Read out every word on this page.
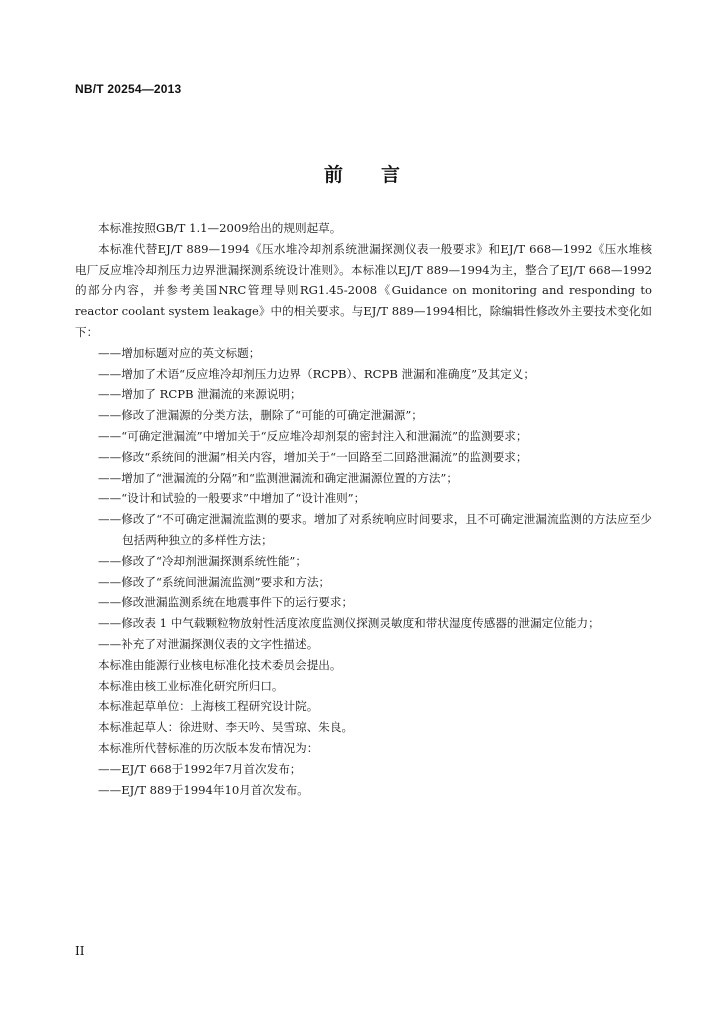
NB/T 20254—2013
前 言

本标准按照GB/T 1.1—2009给出的规则起草。

本标准代替EJ/T 889—1994《压水堆冷却剂系统泄漏探测仪表一般要求》和EJ/T 668—1992《压水堆核电厂反应堆冷却剂压力边界泄漏探测系统设计准则》。本标准以EJ/T 889—1994为主，整合了EJ/T 668—1992的部分内容，并参考美国NRC管理导则RG1.45-2008《Guidance on monitoring and responding to reactor coolant system leakage》中的相关要求。与EJ/T 889—1994相比，除编辑性修改外主要技术变化如下：

——增加标题对应的英文标题；
——增加了术语“反应堆冷却剂压力边界（RCPB）、RCPB 泄漏和准确度”及其定义；
——增加了 RCPB 泄漏流的来源说明；
——修改了泄漏源的分类方法，删除了“可能的可确定泄漏源”；
——“可确定泄漏流”中增加关于“反应堆冷却剂泵的密封注入和泄漏流”的监测要求；
——修改“系统间的泄漏”相关内容，增加关于“一回路至二回路泄漏流”的监测要求；
——增加了“泄漏流的分隔”和“监测泄漏流和确定泄漏源位置的方法”；
——“设计和试验的一般要求”中增加了“设计准则”；
——修改了“不可确定泄漏流监测的要求。增加了对系统响应时间要求，且不可确定泄漏流监测的方法应至少包括两种独立的多样性方法；
——修改了“冷却剂泄漏探测系统性能”；
——修改了“系统间泄漏流监测”要求和方法；
——修改泄漏监测系统在地震事件下的运行要求；
——修改表 1 中气载颗粒物放射性活度浓度监测仪探测灵敏度和带状湿度传感器的泄漏定位能力；
——补充了对泄漏探测仪表的文字性描述。

本标准由能源行业核电标准化技术委员会提出。

本标准由核工业标准化研究所归口。

本标准起草单位：上海核工程研究设计院。

本标准起草人：徐进财、李天吟、吴雪琼、朱良。

本标准所代替标准的历次版本发布情况为：

——EJ/T 668于1992年7月首次发布；
——EJ/T 889于1994年10月首次发布。
II
